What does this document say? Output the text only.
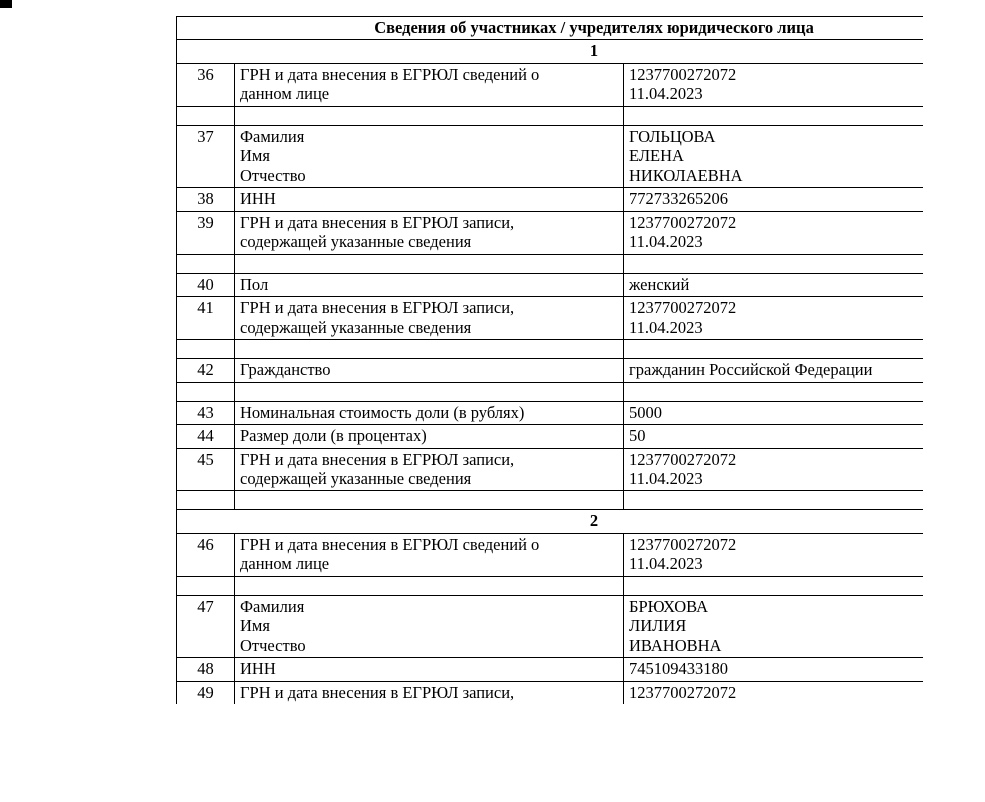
Сведения об участниках / учредителях юридического лица		
1		
36	ГРН и дата внесения в ЕГРЮЛ сведений о
данном лице	1237700272072
11.04.2023

37	Фамилия
Имя
Отчество	ГОЛЬЦОВА
ЕЛЕНА
НИКОЛАЕВНА

38	ИНН	772733265206

39	ГРН и дата внесения в ЕГРЮЛ записи,
содержащей указанные сведения	1237700272072
11.04.2023

40	Пол	женский

41	ГРН и дата внесения в ЕГРЮЛ записи,
содержащей указанные сведения	1237700272072
11.04.2023

42	Гражданство	гражданин Российской Федерации

43	Номинальная стоимость доли (в рублях)	5000

44	Размер доли (в процентах)	50

45	ГРН и дата внесения в ЕГРЮЛ записи,
содержащей указанные сведения	1237700272072
11.04.2023

2		
46	ГРН и дата внесения в ЕГРЮЛ сведений о
данном лице	1237700272072
11.04.2023

47	Фамилия
Имя
Отчество	БРЮХОВА
ЛИЛИЯ
ИВАНОВНА

48	ИНН	745109433180

49	ГРН и дата внесения в ЕГРЮЛ записи,	1237700272072
